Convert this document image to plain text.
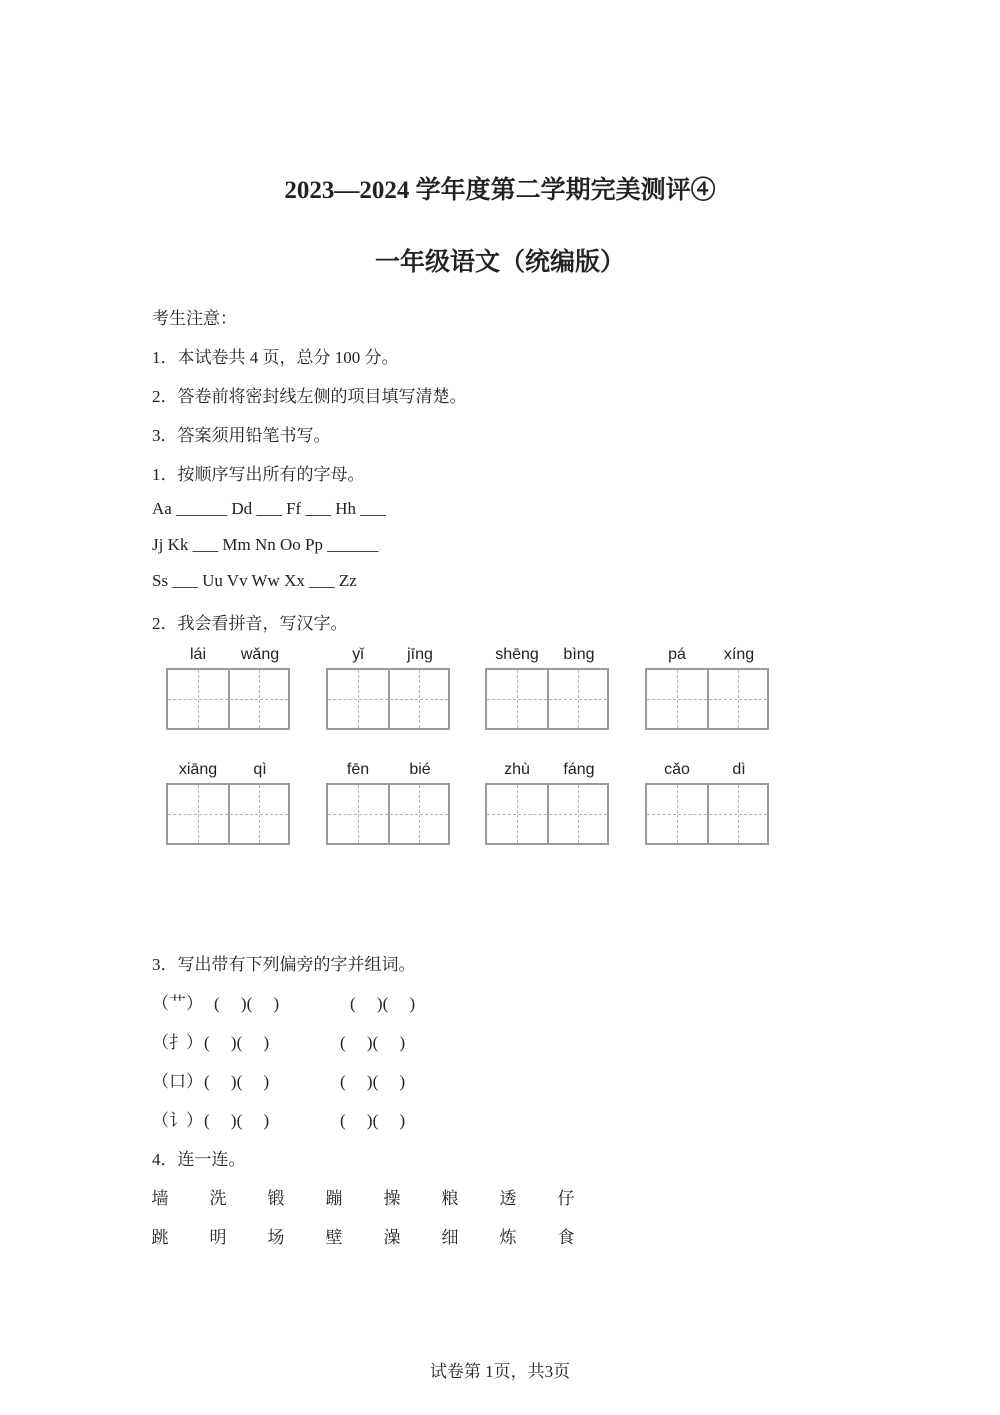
2023—2024 学年度第二学期完美测评④
一年级语文（统编版）
考生注意：
1．本试卷共 4 页，总分 100 分。
2．答卷前将密封线左侧的项目填写清楚。
3．答案须用铅笔书写。
1．按顺序写出所有的字母。
Aa ______ Dd ___ Ff ___ Hh ___
Jj Kk ___ Mm Nn Oo Pp ______
Ss ___ Uu Vv Ww Xx ___ Zz
2．我会看拼音，写汉字。
lái	wǎng	yǐ	jīng	shēng	bìng	pá	xíng
xiāng	qì	fēn	bié	zhù	fáng	cǎo	dì
3．写出带有下列偏旁的字并组词。
（艹） (　 )(　 )	(　 )(　 )
（扌） (　 )(　 )	(　 )(　 )
（口） (　 )(　 )	(　 )(　 )
（讠） (　 )(　 )	(　 )(　 )
4．连一连。
墙	洗	锻	蹦	操	粮	透	仔
跳	明	场	壁	澡	细	炼	食
试卷第 1页，共3页
